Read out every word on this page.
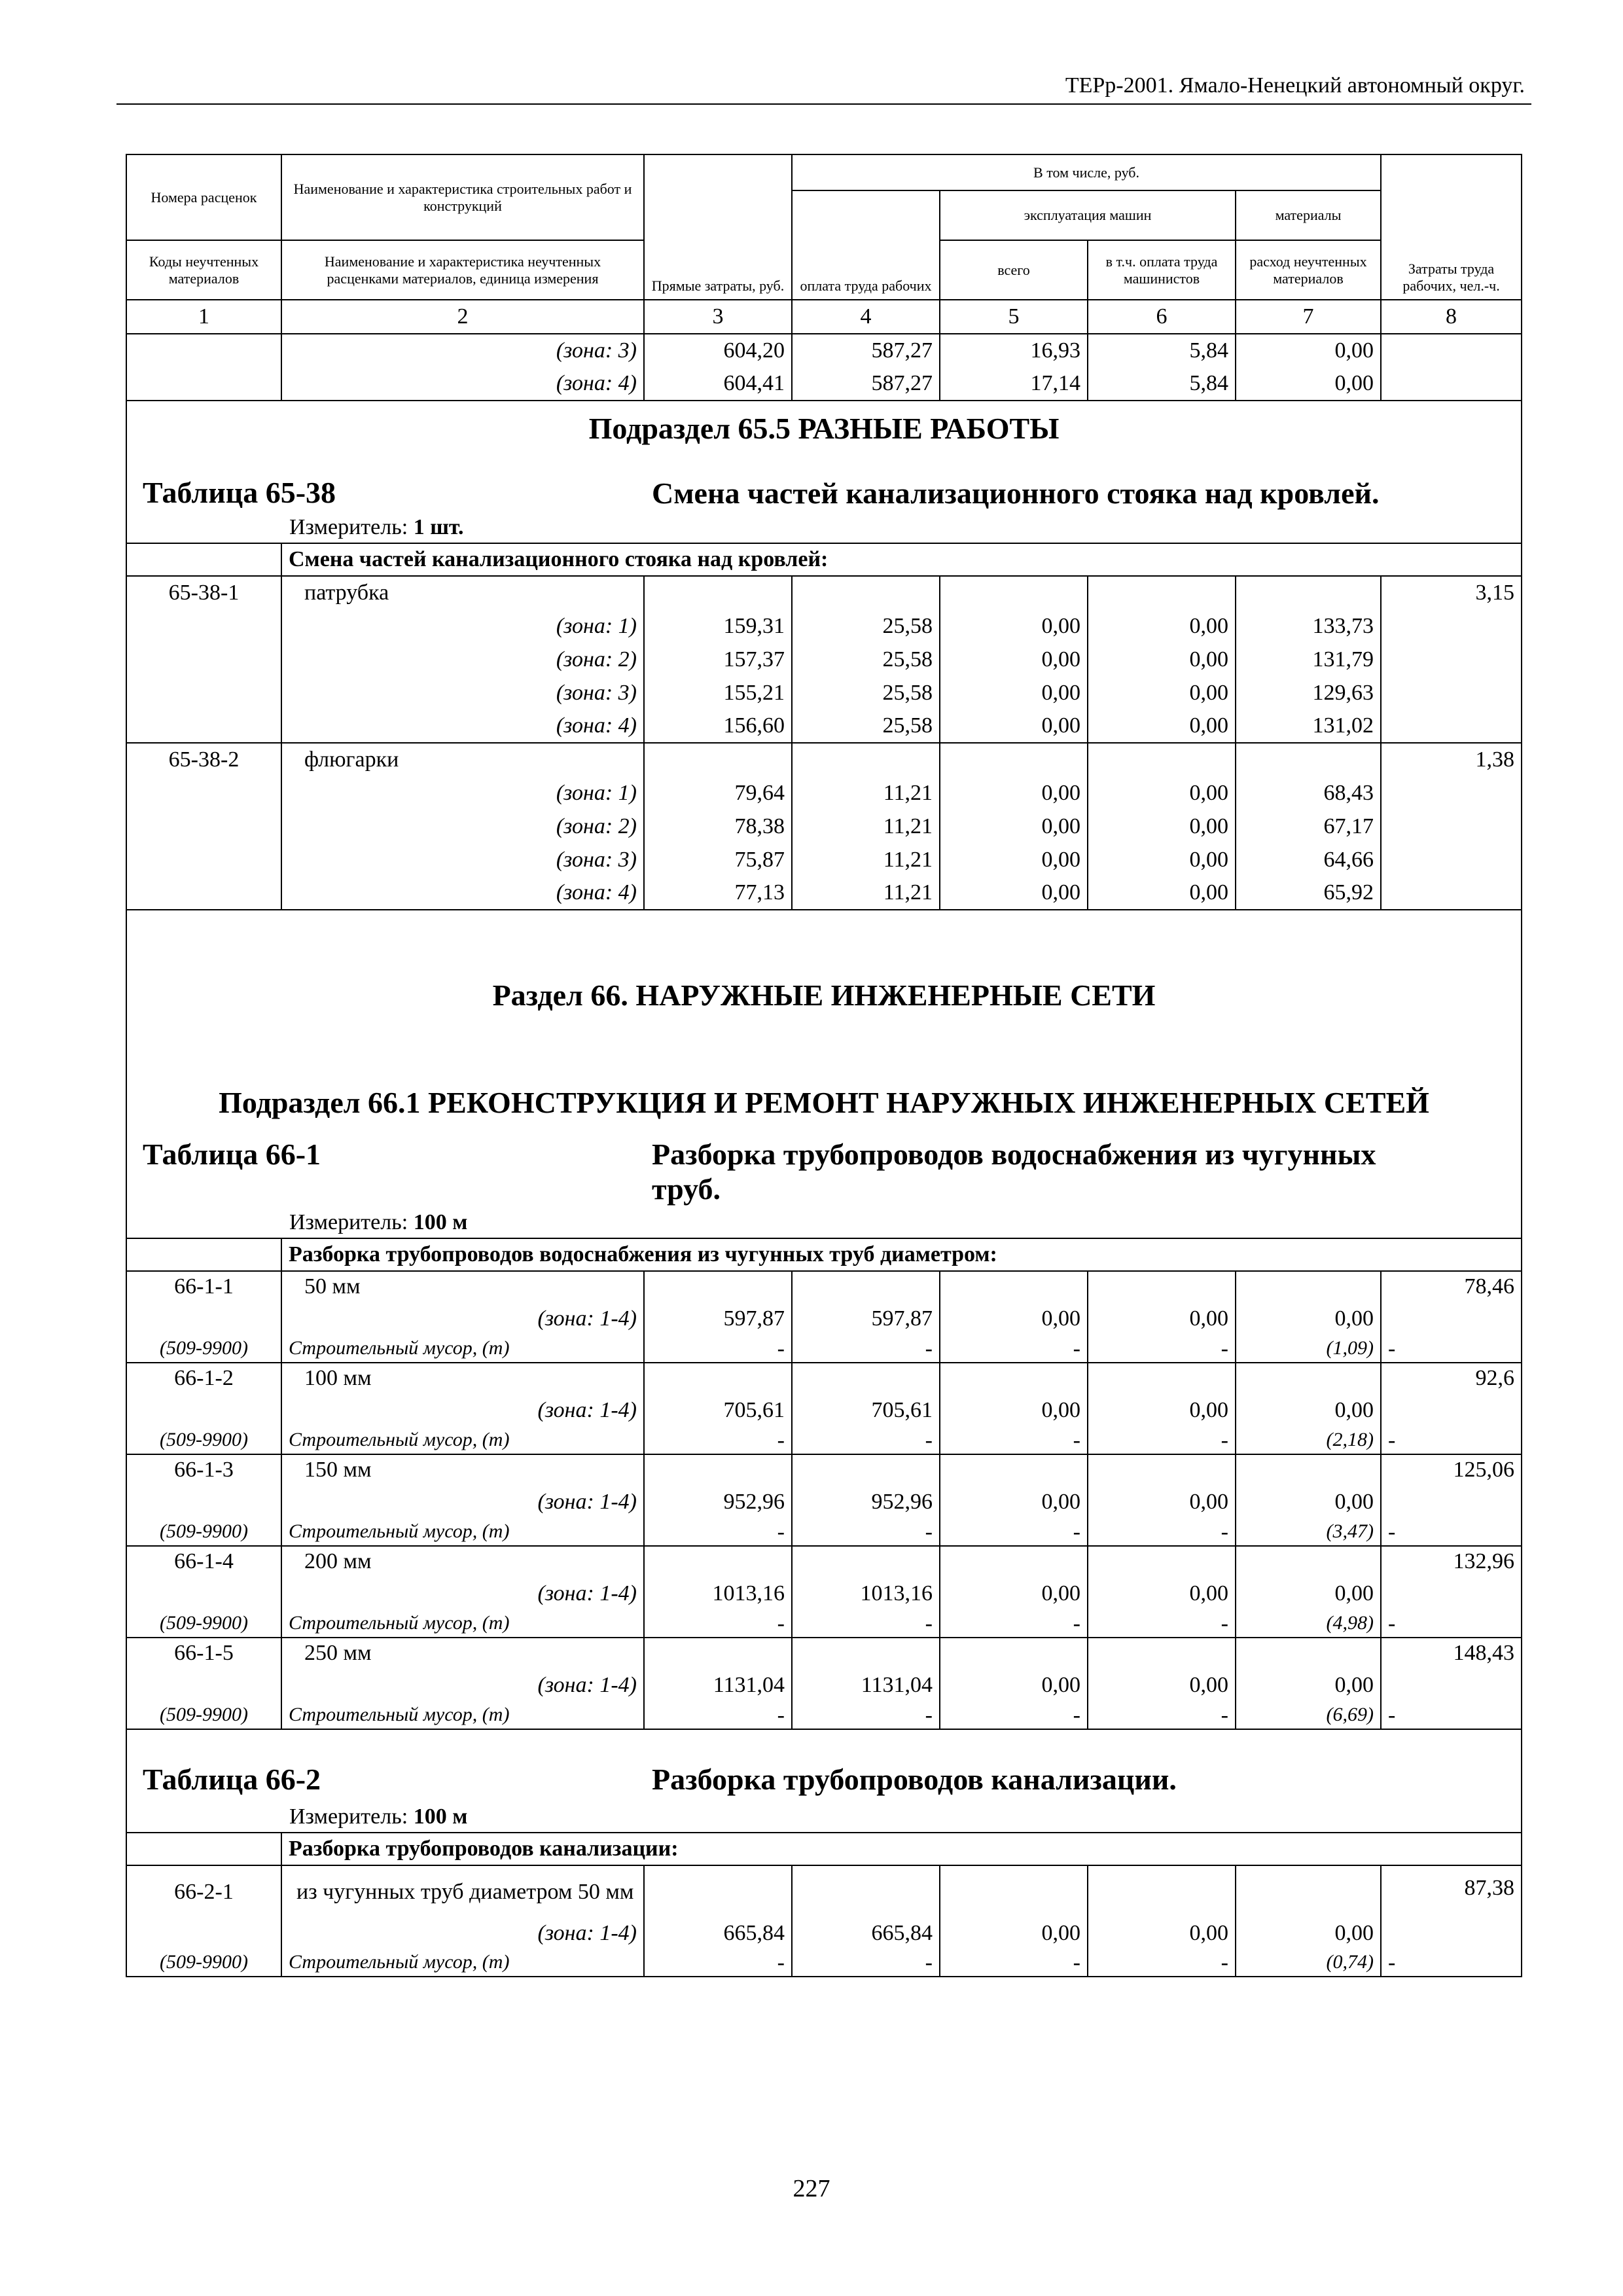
ТЕРр-2001. Ямало-Ненецкий автономный округ.
Номера расценок	Наименование и характеристика строительных работ и конструкций	Прямые затраты, руб.	В том числе, руб.				Затраты труда рабочих, чел.-ч.
			оплата труда рабочих	эксплуатация машин		материалы	
Коды неучтенных материалов	Наименование и характеристика неучтенных расценками материалов, единица измерения			всего	в т.ч. оплата труда машинистов	расход неучтенных материалов	
1	2	3	4	5	6	7	8
	(зона: 3)	604,20	587,27	16,93	5,84	0,00	
	(зона: 4)	604,41	587,27	17,14	5,84	0,00	
Подраздел 65.5 РАЗНЫЕ РАБОТЫ							

Таблица 65-38 Смена частей канализационного стояка над кровлей.							

Измеритель: 1 шт.							
	Смена частей канализационного стояка над кровлей:						
65-38-1	патрубка						3,15
	(зона: 1)	159,31	25,58	0,00	0,00	133,73	
	(зона: 2)	157,37	25,58	0,00	0,00	131,79	
	(зона: 3)	155,21	25,58	0,00	0,00	129,63	
	(зона: 4)	156,60	25,58	0,00	0,00	131,02	
65-38-2	флюгарки						1,38
	(зона: 1)	79,64	11,21	0,00	0,00	68,43	
	(зона: 2)	78,38	11,21	0,00	0,00	67,17	
	(зона: 3)	75,87	11,21	0,00	0,00	64,66	
	(зона: 4)	77,13	11,21	0,00	0,00	65,92	
Раздел 66. НАРУЖНЫЕ ИНЖЕНЕРНЫЕ СЕТИ							
Подраздел 66.1 РЕКОНСТРУКЦИЯ И РЕМОНТ НАРУЖНЫХ ИНЖЕНЕРНЫХ СЕТЕЙ							

Таблица 66-1 Разборка трубопроводов водоснабжения из чугунных труб.							

Измеритель: 100 м							
	Разборка трубопроводов водоснабжения из чугунных труб диаметром:						
66-1-1	50 мм						78,46
	(зона: 1-4)	597,87	597,87	0,00	0,00	0,00	
(509-9900)	Строительный мусор, (т)	-	-	-	-	(1,09)	-
66-1-2	100 мм						92,6
	(зона: 1-4)	705,61	705,61	0,00	0,00	0,00	
(509-9900)	Строительный мусор, (т)	-	-	-	-	(2,18)	-
66-1-3	150 мм						125,06
	(зона: 1-4)	952,96	952,96	0,00	0,00	0,00	
(509-9900)	Строительный мусор, (т)	-	-	-	-	(3,47)	-
66-1-4	200 мм						132,96
	(зона: 1-4)	1013,16	1013,16	0,00	0,00	0,00	
(509-9900)	Строительный мусор, (т)	-	-	-	-	(4,98)	-
66-1-5	250 мм						148,43
	(зона: 1-4)	1131,04	1131,04	0,00	0,00	0,00	
(509-9900)	Строительный мусор, (т)	-	-	-	-	(6,69)	-

Таблица 66-2 Разборка трубопроводов канализации.							

Измеритель: 100 м							
	Разборка трубопроводов канализации:						
66-2-1	из чугунных труб диаметром 50 мм						87,38
	(зона: 1-4)	665,84	665,84	0,00	0,00	0,00	
(509-9900)	Строительный мусор, (т)	-	-	-	-	(0,74)	-
227
